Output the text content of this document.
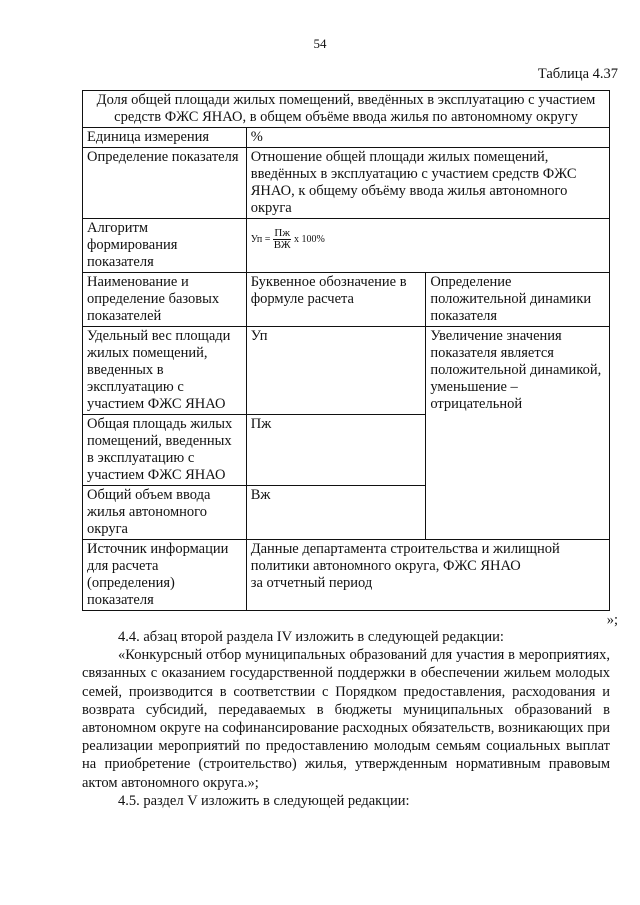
54
Таблица 4.37
Доля общей площади жилых помещений, введённых в эксплуатацию с участием средств ФЖС ЯНАО, в общем объёме ввода жилья по автономному округу		
Единица измерения	%	
Определение показателя	Отношение общей площади жилых помещений, введённых в эксплуатацию с участием средств ФЖС ЯНАО, к общему объёму ввода жилья автономного округа	
Алгоритм формирования показателя	Уп = $\frac{Пж}{ВЖ}$ х 100%	

Наименование и определение базовых показателей	Буквенное обозначение в формуле расчета	Определение положительной динамики показателя
Удельный вес площади жилых помещений, введенных в эксплуатацию с участием ФЖС ЯНАО	Уп	Увеличение значения показателя является положительной динамикой, уменьшение – отрицательной
Общая площадь жилых помещений, введенных в эксплуатацию с участием ФЖС ЯНАО	Пж	
Общий объем ввода жилья автономного округа	Вж	
Источник информации для расчета (определения) показателя	Данные департамента строительства и жилищной
политики автономного округа, ФЖС ЯНАО
за отчетный период	
»;

4.4. абзац второй раздела IV изложить в следующей редакции:

«Конкурсный отбор муниципальных образований для участия в мероприятиях, связанных с оказанием государственной поддержки в обеспечении жильем молодых семей, производится в соответствии с Порядком предоставления, расходования и возврата субсидий, передаваемых в бюджеты муниципальных образований в автономном округе на софинансирование расходных обязательств, возникающих при реализации мероприятий по предоставлению молодым семьям социальных выплат на приобретение (строительство) жилья, утвержденным нормативным правовым актом автономного округа.»;

4.5. раздел V изложить в следующей редакции:
